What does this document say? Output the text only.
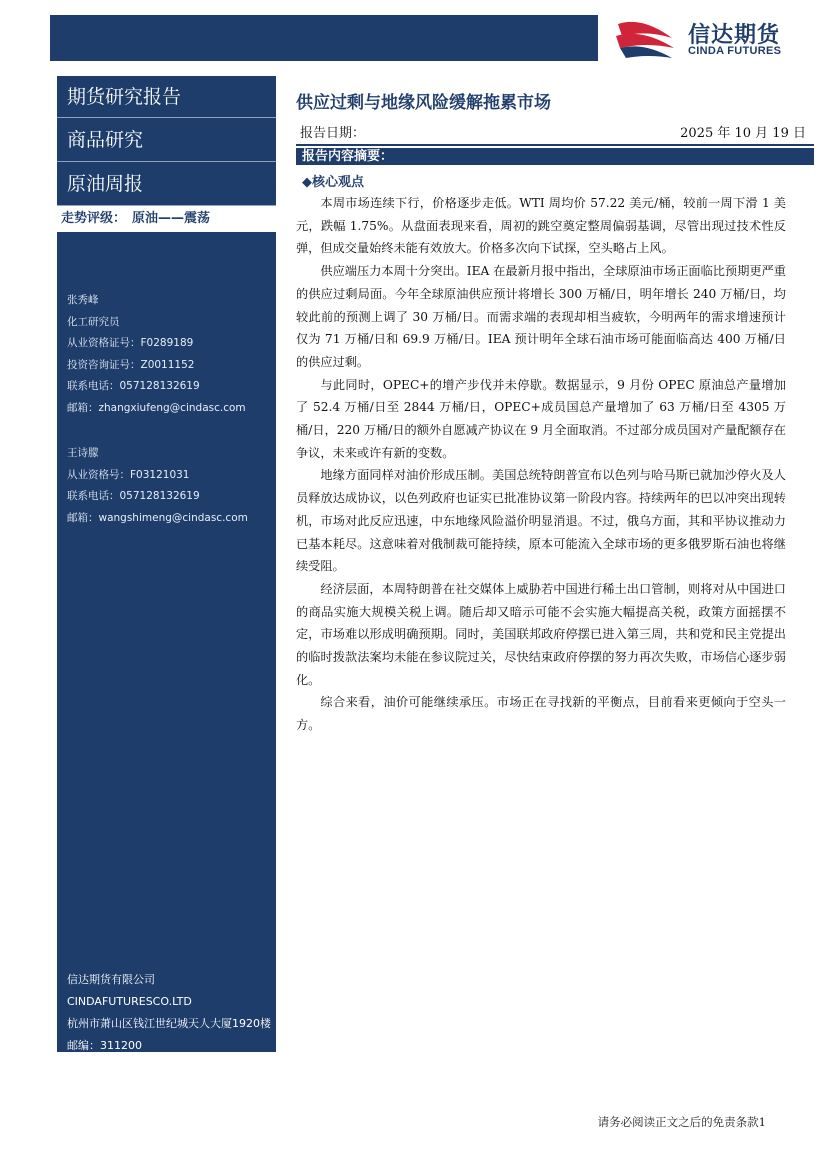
信达期货
CINDA FUTURES
期货研究报告
商品研究
原油周报
走势评级： 原油——震荡
张秀峰
化工研究员
从业资格证号：F0289189
投资咨询证号：Z0011152
联系电话：057128132619
邮箱：zhangxiufeng@cindasc.com
王诗朦
从业资格号：F03121031
联系电话：057128132619
邮箱：wangshimeng@cindasc.com
信达期货有限公司
CINDAFUTURESCO.LTD
杭州市萧山区钱江世纪城天人大厦1920楼
邮编：311200
供应过剩与地缘风险缓解拖累市场
报告日期：	2025 年 10 月 19 日
报告内容摘要：
◆核心观点

本周市场连续下行，价格逐步走低。WTI 周均价 57.22 美元/桶，较前一周下滑 1 美元，跌幅 1.75%。从盘面表现来看，周初的跳空奠定整周偏弱基调，尽管出现过技术性反弹，但成交量始终未能有效放大。价格多次向下试探，空头略占上风。

供应端压力本周十分突出。IEA 在最新月报中指出，全球原油市场正面临比预期更严重的供应过剩局面。今年全球原油供应预计将增长 300 万桶/日，明年增长 240 万桶/日，均较此前的预测上调了 30 万桶/日。而需求端的表现却相当疲软，今明两年的需求增速预计仅为 71 万桶/日和 69.9 万桶/日。IEA 预计明年全球石油市场可能面临高达 400 万桶/日的供应过剩。

与此同时，OPEC+的增产步伐并未停歇。数据显示，9 月份 OPEC 原油总产量增加了 52.4 万桶/日至 2844 万桶/日，OPEC+成员国总产量增加了 63 万桶/日至 4305 万桶/日，220 万桶/日的额外自愿减产协议在 9 月全面取消。不过部分成员国对产量配额存在争议，未来或许有新的变数。

地缘方面同样对油价形成压制。美国总统特朗普宣布以色列与哈马斯已就加沙停火及人员释放达成协议，以色列政府也证实已批准协议第一阶段内容。持续两年的巴以冲突出现转机，市场对此反应迅速，中东地缘风险溢价明显消退。不过，俄乌方面，其和平协议推动力已基本耗尽。这意味着对俄制裁可能持续，原本可能流入全球市场的更多俄罗斯石油也将继续受阻。

经济层面，本周特朗普在社交媒体上威胁若中国进行稀土出口管制，则将对从中国进口的商品实施大规模关税上调。随后却又暗示可能不会实施大幅提高关税，政策方面摇摆不定，市场难以形成明确预期。同时，美国联邦政府停摆已进入第三周，共和党和民主党提出的临时拨款法案均未能在参议院过关，尽快结束政府停摆的努力再次失败，市场信心逐步弱化。

综合来看，油价可能继续承压。市场正在寻找新的平衡点，目前看来更倾向于空头一方。

请务必阅读正文之后的免责条款1
